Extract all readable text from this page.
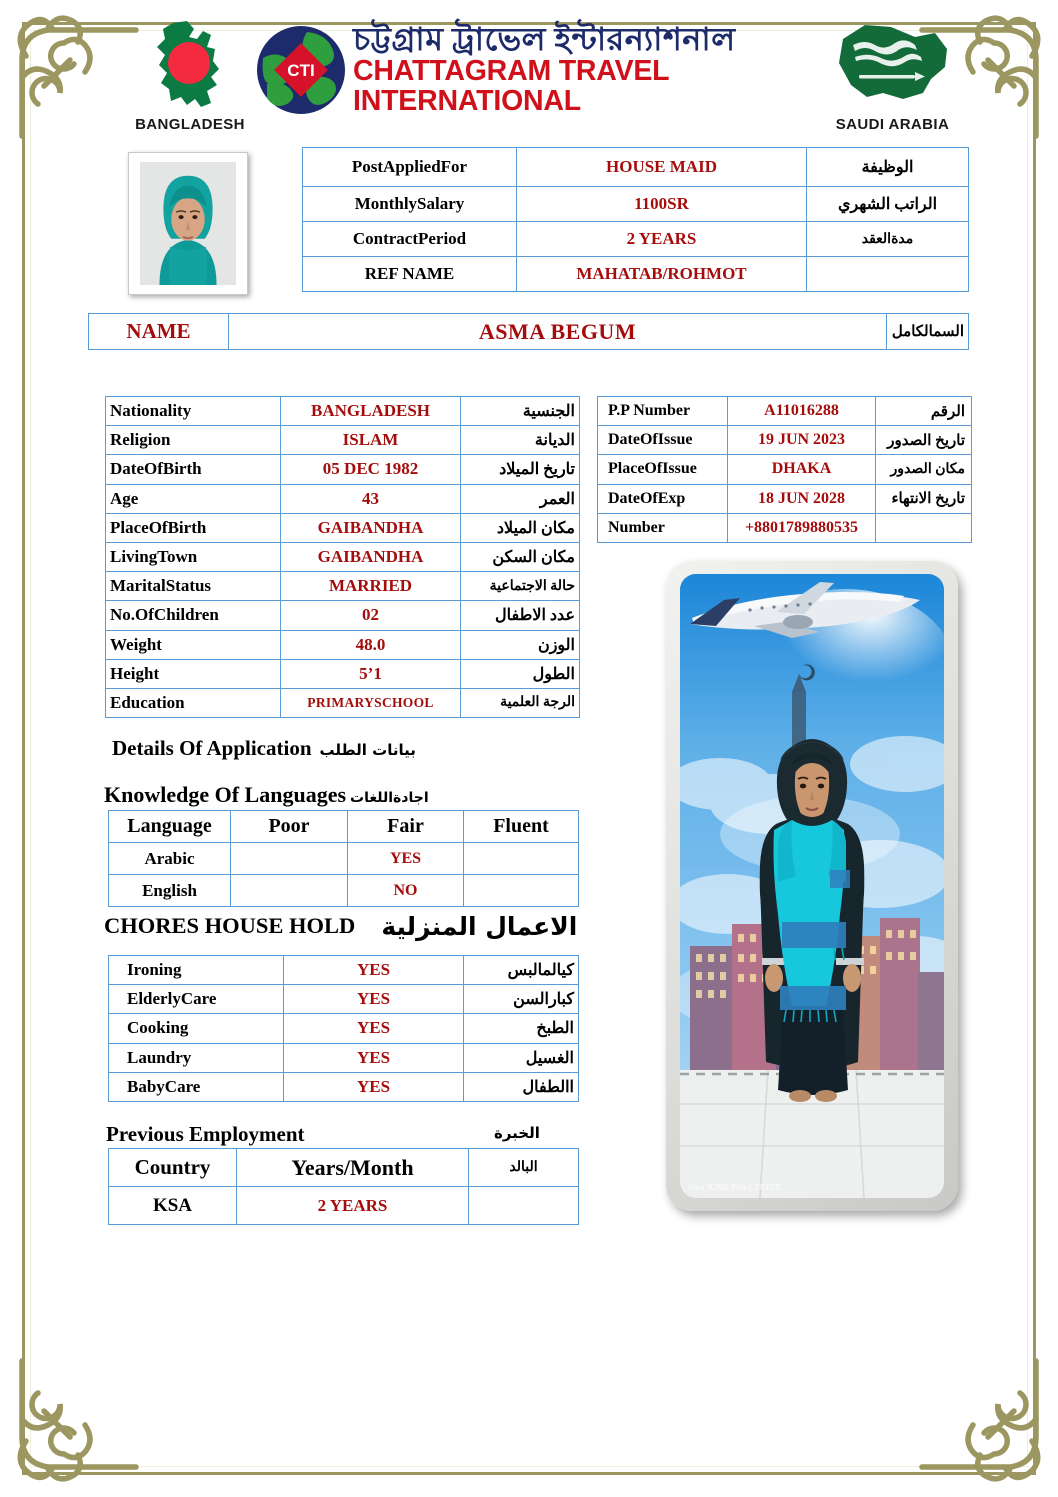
BANGLADESH
CTI
চট্টগ্রাম ট্রাভেল ইন্টারন্যাশনাল
CHATTAGRAM TRAVEL INTERNATIONAL
SAUDI ARABIA
PostAppliedFor	HOUSE MAID	الوظيفة
MonthlySalary	1100SR	الراتب الشهري
ContractPeriod	2 YEARS	مدةالعقد
REF NAME	MAHATAB/ROHMOT	
NAME	ASMA BEGUM	السمالكامل
Nationality	BANGLADESH	الجنسية
Religion	ISLAM	الديانة
DateOfBirth	05 DEC 1982	تاريخ الميلاد
Age	43	العمر
PlaceOfBirth	GAIBANDHA	مكان الميلاد
LivingTown	GAIBANDHA	مكان السكن
MaritalStatus	MARRIED	حالة الاجتماعية
No.OfChildren	02	عدد الاطفال
Weight	48.0	الوزن
Height	5’1	الطول
Education	PRIMARYSCHOOL	الرجة العلمية
P.P Number	A11016288	الرقم
DateOfIssue	19 JUN 2023	تاريخ الصدور
PlaceOfIssue	DHAKA	مكان الصدور
DateOfExp	18 JUN 2028	تاريخ الانتهاء
Number	+8801789880535	
Details Of Application بيانات الطلب
Knowledge Of Languages اجادةاللغات
Language	Poor	Fair	Fluent
Arabic		YES	
English		NO	
CHORES HOUSE HOLD الاعمال المنزلية
Ironing	YES	كيالمالبس
ElderlyCare	YES	كبارالسن
Cooking	YES	الطبخ
Laundry	YES	الغسيل
BabyCare	YES	االطفال
Previous Employment	الخبرة
Country	Years/Month	البالد
KSA	2 YEARS	
vivo X200 Pro | ZEISS
